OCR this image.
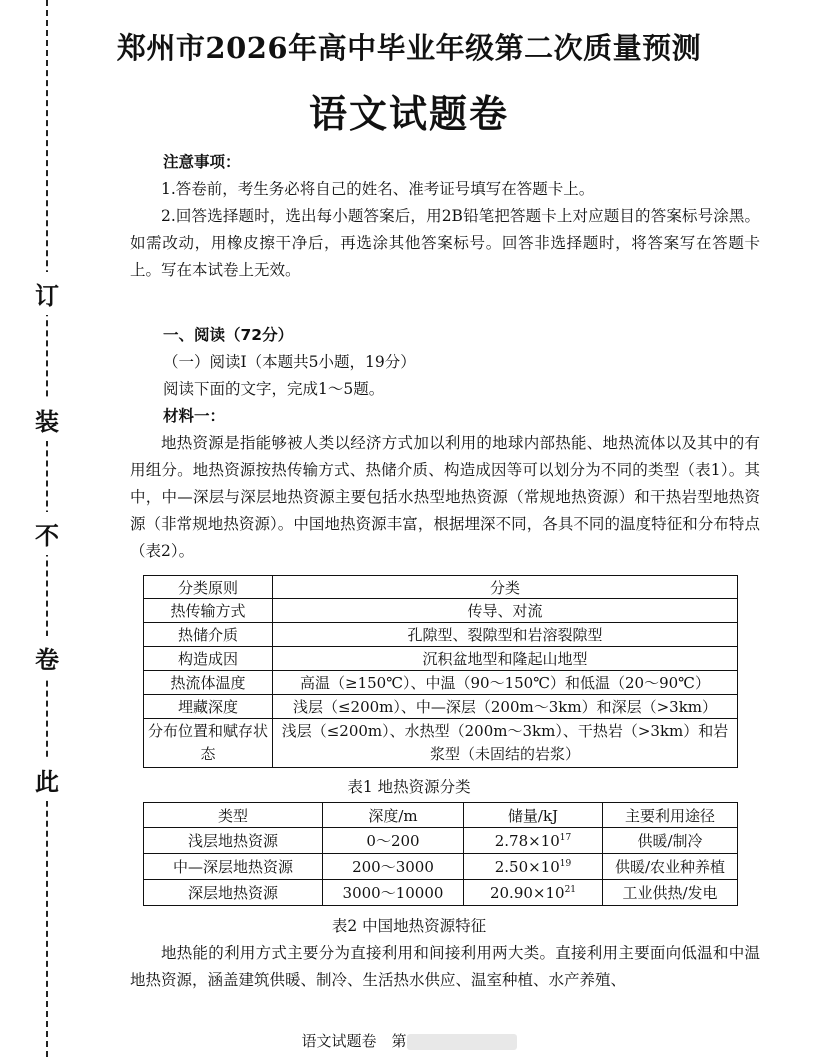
订
装
不
卷
此
郑州市2026年高中毕业年级第二次质量预测
语文试题卷

注意事项：

1.答卷前，考生务必将自己的姓名、准考证号填写在答题卡上。

2.回答选择题时，选出每小题答案后，用2B铅笔把答题卡上对应题目的答案标号涂黑。如需改动，用橡皮擦干净后，再选涂其他答案标号。回答非选择题时，将答案写在答题卡上。写在本试卷上无效。

一、阅读（72分）

（一）阅读Ⅰ（本题共5小题，19分）

阅读下面的文字，完成1～5题。

材料一：

地热资源是指能够被人类以经济方式加以利用的地球内部热能、地热流体以及其中的有用组分。地热资源按热传输方式、热储介质、构造成因等可以划分为不同的类型（表1）。其中，中—深层与深层地热资源主要包括水热型地热资源（常规地热资源）和干热岩型地热资源（非常规地热资源）。中国地热资源丰富，根据埋深不同，各具不同的温度特征和分布特点（表2）。

分类原则	分类
热传输方式	传导、对流
热储介质	孔隙型、裂隙型和岩溶裂隙型
构造成因	沉积盆地型和隆起山地型
热流体温度	高温（≥150℃）、中温（90～150℃）和低温（20～90℃）
埋藏深度	浅层（≤200m）、中—深层（200m～3km）和深层（>3km）
分布位置和赋存状态	浅层（≤200m）、水热型（200m～3km）、干热岩（>3km）和岩浆型（未固结的岩浆）
表1 地热资源分类
类型	深度/m	储量/kJ	主要利用途径
浅层地热资源	0～200	$2.78\times 10^{17}$	供暖/制冷
中—深层地热资源	200～3000	$2.50\times 10^{19}$	供暖/农业种养植
深层地热资源	3000～10000	$20.90\times 10^{21}$	工业供热/发电
表2 中国地热资源特征

地热能的利用方式主要分为直接利用和间接利用两大类。直接利用主要面向低温和中温地热资源，涵盖建筑供暖、制冷、生活热水供应、温室种植、水产养殖、

语文试题卷　第
